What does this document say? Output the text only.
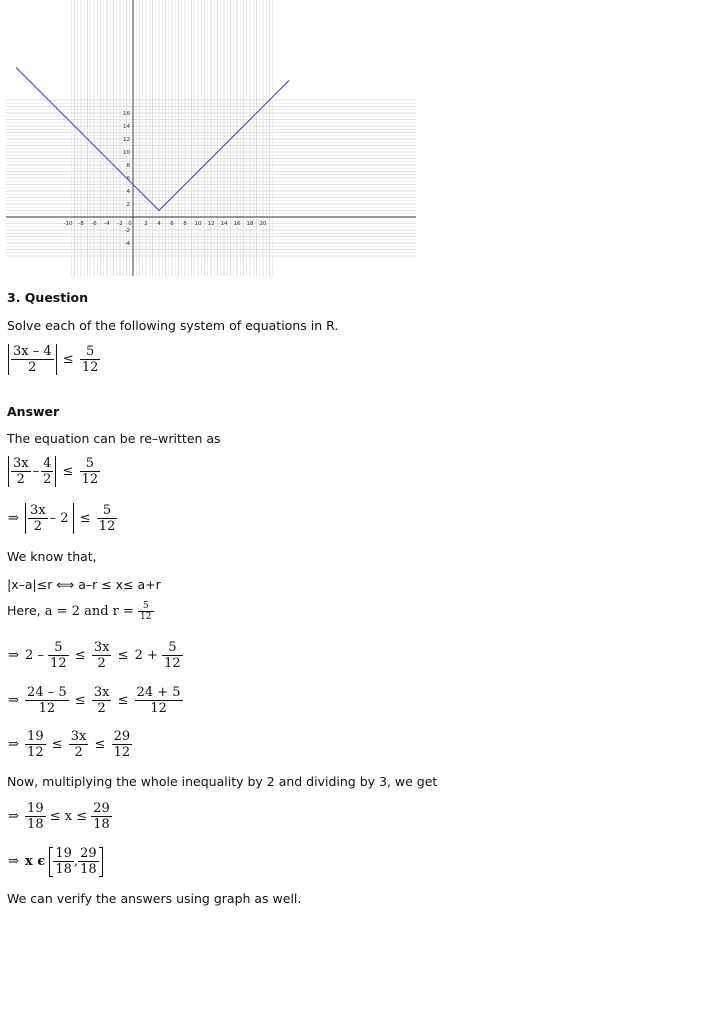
-10 -8 -6 -4 -2 0 2 4 6 8 10 12 14 16 18 20
16
14
12
10
8
6
4
2
-2
-4
3. Question
Solve each of the following system of equations in R.
$\frac{3x - 4}{2} \le \frac{5}{12}$
Answer
The equation can be re–written as
$\frac{3x}{2} - \frac{4}{2} \le \frac{5}{12}$
⇒ $\frac{3x}{2} - 2 \le \frac{5}{12}$
We know that,
|x–a|≤r ⟺ a–r ≤ x≤ a+r
Here, a = 2 and $r = \frac{5}{12}$
⇒ $2 - \frac{5}{12} \le \frac{3x}{2} \le 2 + \frac{5}{12}$
⇒ $\frac{24 - 5}{12} \le \frac{3x}{2} \le \frac{24 + 5}{12}$
⇒ $\frac{19}{12} \le \frac{3x}{2} \le \frac{29}{12}$
Now, multiplying the whole inequality by 2 and dividing by 3, we get
⇒ $\frac{19}{18} \le x \le \frac{29}{18}$
⇒ x ϵ $\frac{19}{18}$ , $\frac{29}{18}$
We can verify the answers using graph as well.
